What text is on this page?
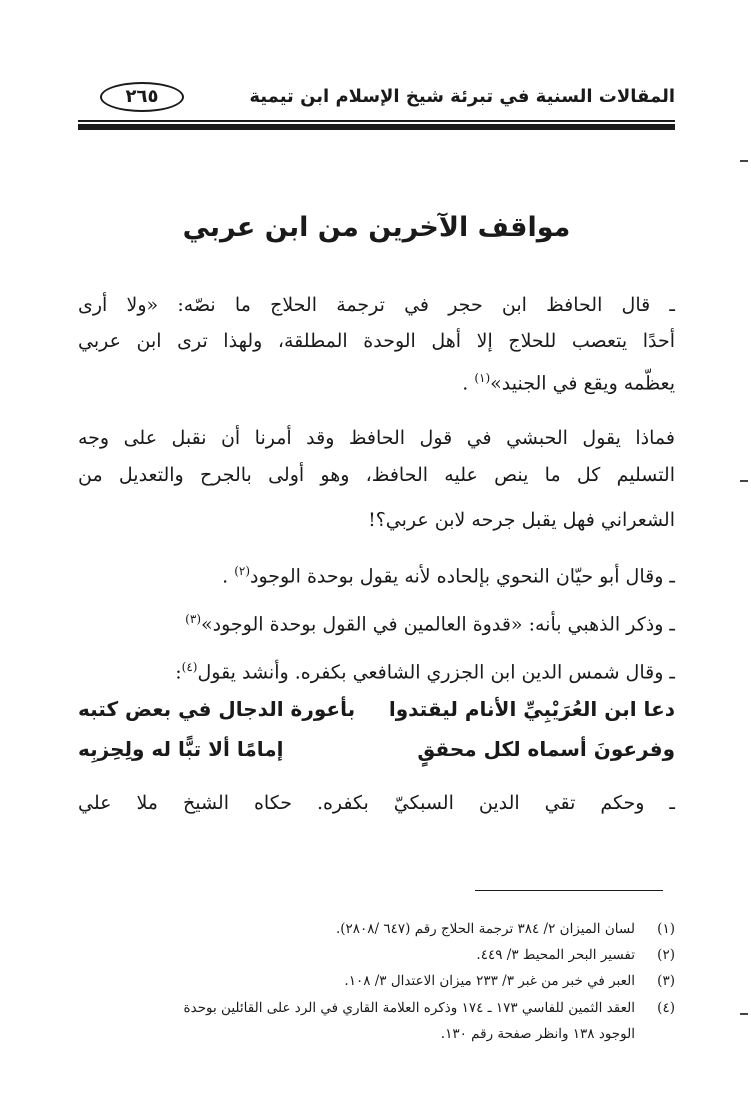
المقالات السنية في تبرئة شيخ الإسلام ابن تيمية
٢٦٥
مواقف الآخرين من ابن عربي
ـ قال الحافظ ابن حجر في ترجمة الحلاج ما نصّه: «ولا أرى
أحدًا يتعصب للحلاج إلا أهل الوحدة المطلقة، ولهذا ترى ابن عربي
يعظّمه ويقع في الجنيد»$^{(١)}$ .
فماذا يقول الحبشي في قول الحافظ وقد أمرنا أن نقبل على وجه
التسليم كل ما ينص عليه الحافظ، وهو أولى بالجرح والتعديل من
الشعراني فهل يقبل جرحه لابن عربي؟!
ـ وقال أبو حيّان النحوي بإلحاده لأنه يقول بوحدة الوجود$^{(٢)}$ .
ـ وذكر الذهبي بأنه: «قدوة العالمين في القول بوحدة الوجود»$^{(٣)}$
ـ وقال شمس الدين ابن الجزري الشافعي بكفره. وأنشد يقول$^{(٤)}$:
دعا ابن العُرَيْبِيِّ الأنام ليقتدوا
بأعورة الدجال في بعض كتبه
وفرعونَ أسماه لكل محققٍ
إمامًا ألا تبًّا له ولِحِزبِه
ـ وحكم تقي الدين السبكيّ بكفره. حكاه الشيخ ملا علي
(١)لسان الميزان ٢/ ٣٨٤ ترجمة الحلاج رقم (٦٤٧ /٢٨٠٨).
(٢)تفسير البحر المحيط ٣/ ٤٤٩.
(٣)العبر في خبر من غبر ٣/ ٢٣٣ ميزان الاعتدال ٣/ ١٠٨.
(٤)العقد الثمين للفاسي ١٧٣ ـ ١٧٤ وذكره العلامة القاري في الرد على القائلين بوحدة
الوجود ١٣٨ وانظر صفحة رقم ١٣٠.
